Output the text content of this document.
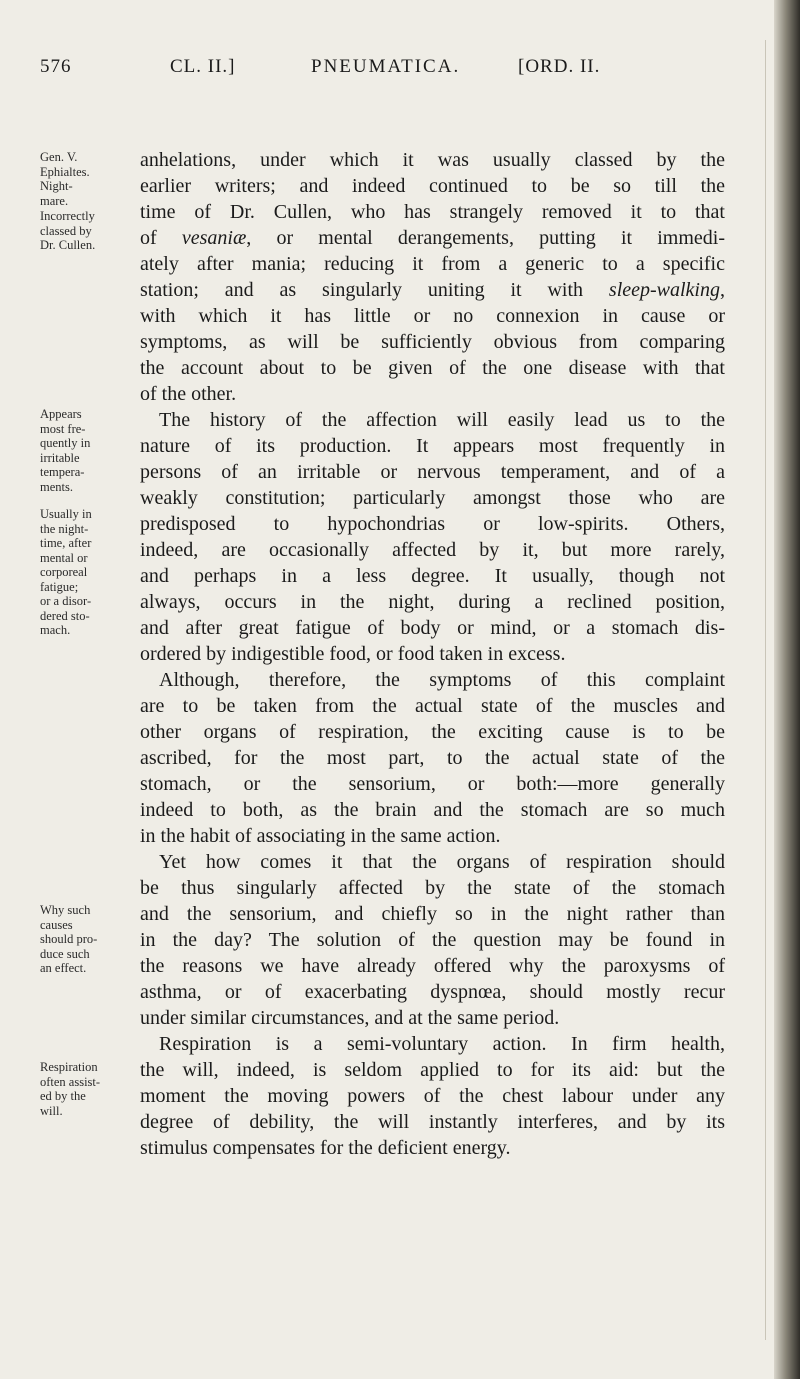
576	CL. II.]	PNEUMATICA.	[ORD. II.
Gen. V.
Ephialtes.
Night-
mare.
Incorrectly
classed by
Dr. Cullen.
Appears
most fre-
quently in
irritable
tempera-
ments.
Usually in
the night-
time, after
mental or
corporeal
fatigue;
or a disor-
dered sto-
mach.
Why such
causes
should pro-
duce such
an effect.
Respiration
often assist-
ed by the
will.
anhelations, under which it was usually classed by the
earlier writers; and indeed continued to be so till the
time of Dr. Cullen, who has strangely removed it to that
of vesaniæ, or mental derangements, putting it immedi-
ately after mania; reducing it from a generic to a specific
station; and as singularly uniting it with sleep-walking,
with which it has little or no connexion in cause or
symptoms, as will be sufficiently obvious from comparing
the account about to be given of the one disease with that
of the other.
The history of the affection will easily lead us to the
nature of its production. It appears most frequently in
persons of an irritable or nervous temperament, and of a
weakly constitution; particularly amongst those who are
predisposed to hypochondrias or low-spirits. Others,
indeed, are occasionally affected by it, but more rarely,
and perhaps in a less degree. It usually, though not
always, occurs in the night, during a reclined position,
and after great fatigue of body or mind, or a stomach dis-
ordered by indigestible food, or food taken in excess.
Although, therefore, the symptoms of this complaint
are to be taken from the actual state of the muscles and
other organs of respiration, the exciting cause is to be
ascribed, for the most part, to the actual state of the
stomach, or the sensorium, or both:—more generally
indeed to both, as the brain and the stomach are so much
in the habit of associating in the same action.
Yet how comes it that the organs of respiration should
be thus singularly affected by the state of the stomach
and the sensorium, and chiefly so in the night rather than
in the day? The solution of the question may be found in
the reasons we have already offered why the paroxysms of
asthma, or of exacerbating dyspnœa, should mostly recur
under similar circumstances, and at the same period.
Respiration is a semi-voluntary action. In firm health,
the will, indeed, is seldom applied to for its aid: but the
moment the moving powers of the chest labour under any
degree of debility, the will instantly interferes, and by its
stimulus compensates for the deficient energy.
